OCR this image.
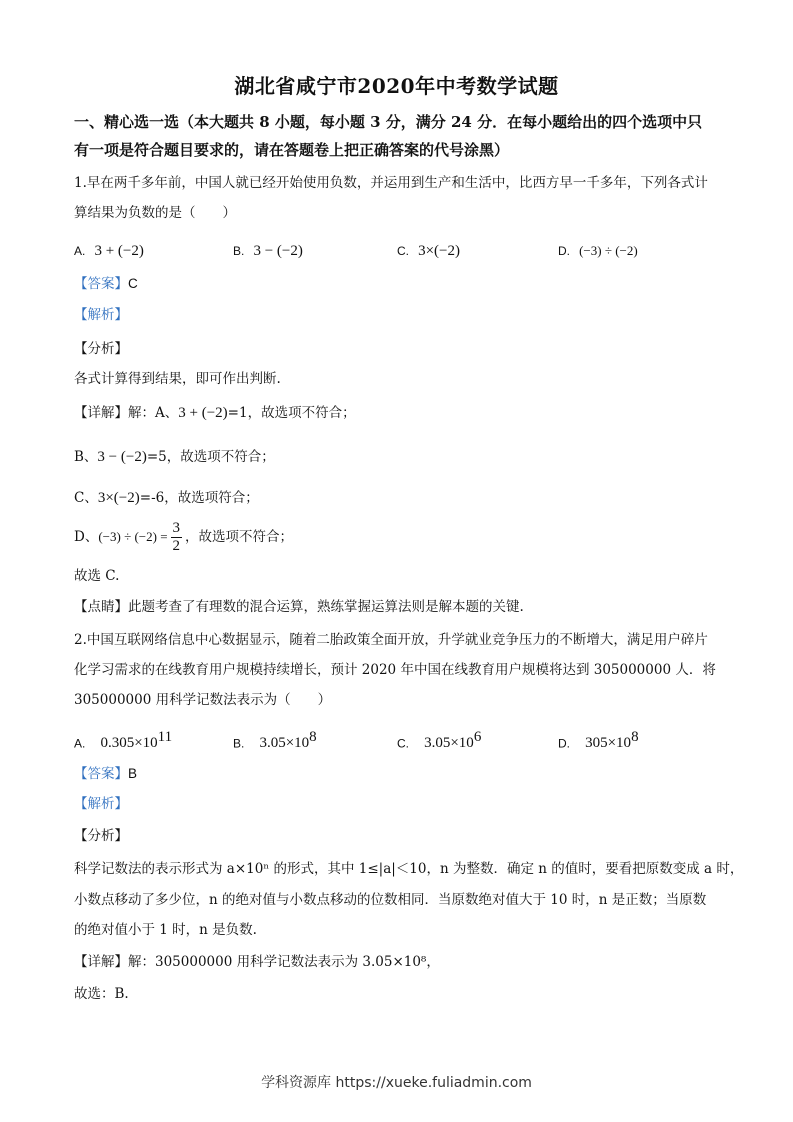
湖北省咸宁市2020年中考数学试题
一、精心选一选（本大题共 8 小题，每小题 3 分，满分 24 分．在每小题给出的四个选项中只
有一项是符合题目要求的，请在答题卷上把正确答案的代号涂黑）
1.早在两千多年前，中国人就已经开始使用负数，并运用到生产和生活中，比西方早一千多年，下列各式计
算结果为负数的是（　　）
A. 3 + (−2)	B. 3 − (−2)	C. 3×(−2)	D. (−3) ÷ (−2)
【答案】C
【解析】
【分析】
各式计算得到结果，即可作出判断.
【详解】解：A、3 + (−2)=1，故选项不符合；
B、3 − (−2)=5，故选项不符合；
C、3×(−2)=-6，故选项符合；
D、$(-3) \div (-2) = \frac{3}{2}$ ，故选项不符合；
故选 C.
【点睛】此题考查了有理数的混合运算，熟练掌握运算法则是解本题的关键.
2.中国互联网络信息中心数据显示，随着二胎政策全面开放，升学就业竞争压力的不断增大，满足用户碎片
化学习需求的在线教育用户规模持续增长，预计 2020 年中国在线教育用户规模将达到 305000000 人．将
305000000 用科学记数法表示为（　　）
A. $0.305\times 10^{11}$	B. $3.05\times 10^8$	C. $3.05\times 10^6$	D. $305\times 10^8$
【答案】B
【解析】
【分析】
科学记数法的表示形式为 a×10ⁿ 的形式，其中 1≤|a|＜10，n 为整数．确定 n 的值时，要看把原数变成 a 时，
小数点移动了多少位，n 的绝对值与小数点移动的位数相同．当原数绝对值大于 10 时，n 是正数；当原数
的绝对值小于 1 时，n 是负数.
【详解】解：305000000 用科学记数法表示为 3.05×10⁸，
故选：B.
学科资源库 https://xueke.fuliadmin.com
